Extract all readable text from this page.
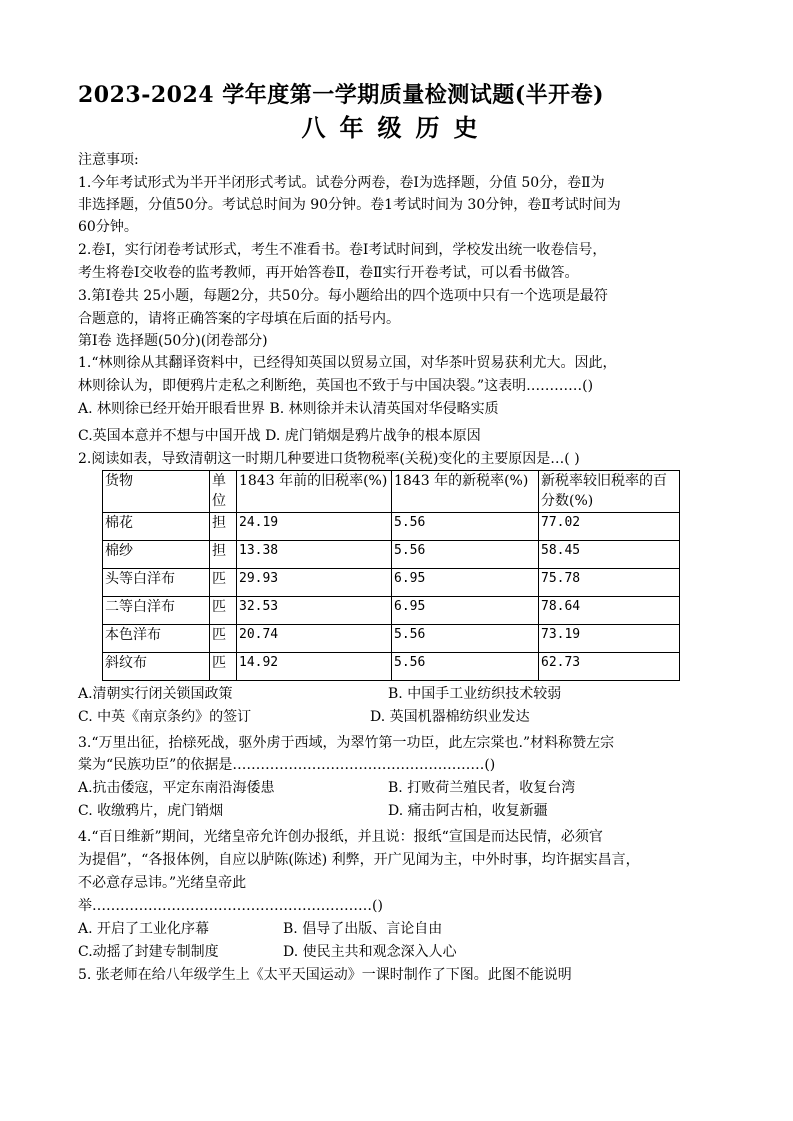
2023-2024 学年度第一学期质量检测试题(半开卷)
八年级历史
注意事项:
1.今年考试形式为半开半闭形式考试。试卷分两卷，卷Ⅰ为选择题，分值 50分，卷Ⅱ为
非选择题，分值50分。考试总时间为 90分钟。卷1考试时间为 30分钟，卷Ⅱ考试时间为
60分钟。
2.卷Ⅰ，实行闭卷考试形式，考生不准看书。卷Ⅰ考试时间到，学校发出统一收卷信号，
考生将卷Ⅰ交收卷的监考教师，再开始答卷Ⅱ，卷Ⅱ实行开卷考试，可以看书做答。
3.第Ⅰ卷共 25小题，每题2分，共50分。每小题给出的四个选项中只有一个选项是最符
合题意的，请将正确答案的字母填在后面的括号内。
第Ⅰ卷 选择题(50分)(闭卷部分)
1.“林则徐从其翻译资料中，已经得知英国以贸易立国，对华茶叶贸易获利尤大。因此，
林则徐认为，即便鸦片走私之利断绝，英国也不致于与中国决裂。”这表明…………()
A. 林则徐已经开始开眼看世界 B. 林则徐并未认清英国对华侵略实质
C.英国本意并不想与中国开战 D. 虎门销烟是鸦片战争的根本原因
2.阅读如表，导致清朝这一时期几种要进口货物税率(关税)变化的主要原因是…( )
货物	单位	1843 年前的旧税率(%)	1843 年的新税率(%)	新税率较旧税率的百分数(%)
棉花	担	24.19	5.56	77.02
棉纱	担	13.38	5.56	58.45
头等白洋布	匹	29.93	6.95	75.78
二等白洋布	匹	32.53	6.95	78.64
本色洋布	匹	20.74	5.56	73.19
斜纹布	匹	14.92	5.56	62.73
A.清朝实行闭关锁国政策	B. 中国手工业纺织技术较弱
C. 中英《南京条约》的签订	D. 英国机器棉纺织业发达
3.“万里出征，抬榇死战，驱外虏于西域，为翠竹第一功臣，此左宗棠也.”材料称赞左宗
棠为“民族功臣”的依据是………………………………………………()
A.抗击倭寇，平定东南沿海倭患	B. 打败荷兰殖民者，收复台湾
C. 收缴鸦片，虎门销烟	D. 痛击阿古柏，收复新疆
4.“百日维新”期间，光绪皇帝允许创办报纸，并且说：报纸“宣国是而达民情，必须官
为提倡”，“各报体例，自应以胪陈(陈述) 利弊，开广见闻为主，中外时事，均许据实昌言，
不必意存忌讳。”光绪皇帝此
举……………………………………………………()
A. 开启了工业化序幕	B. 倡导了出版、言论自由
C.动摇了封建专制制度	D. 使民主共和观念深入人心
5. 张老师在给八年级学生上《太平天国运动》一课时制作了下图。此图不能说明
